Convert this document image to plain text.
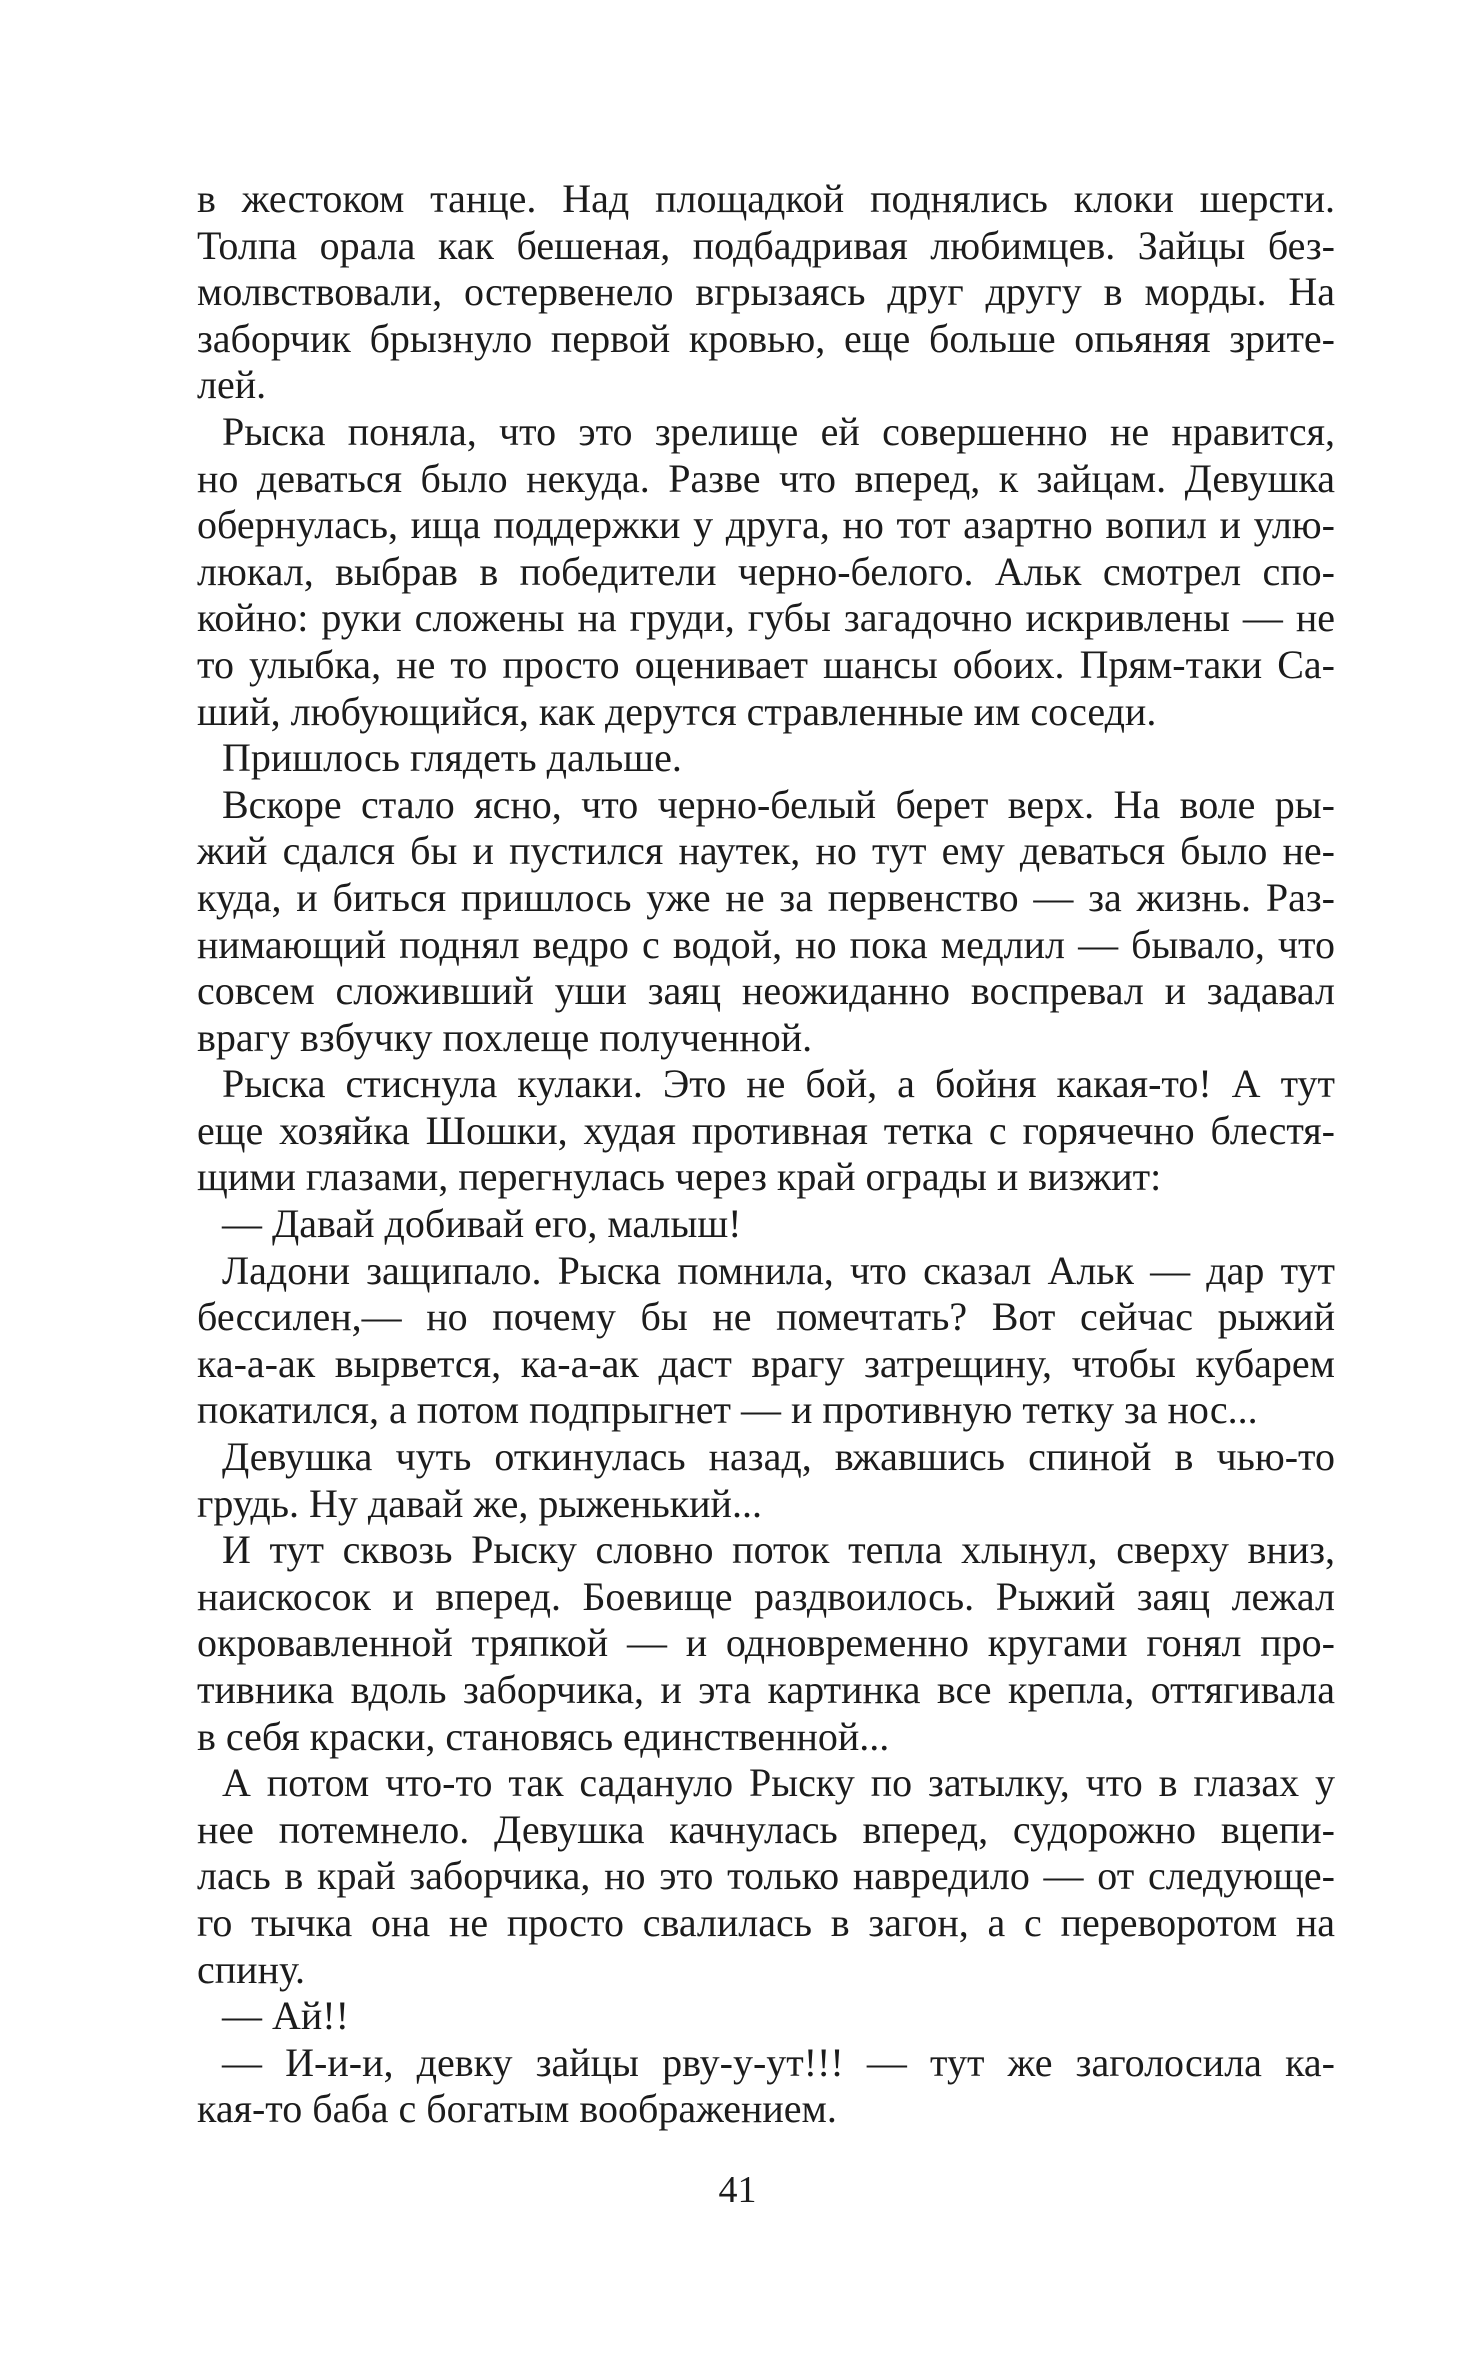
в жестоком танце. Над площадкой поднялись клоки шерсти.
Толпа орала как бешеная, подбадривая любимцев. Зайцы без-
молвствовали, остервенело вгрызаясь друг другу в морды. На
заборчик брызнуло первой кровью, еще больше опьяняя зрите-
лей.
Рыска поняла, что это зрелище ей совершенно не нравится,
но деваться было некуда. Разве что вперед, к зайцам. Девушка
обернулась, ища поддержки у друга, но тот азартно вопил и улю-
люкал, выбрав в победители черно-белого. Альк смотрел спо-
койно: руки сложены на груди, губы загадочно искривлены — не
то улыбка, не то просто оценивает шансы обоих. Прям-таки Са-
ший, любующийся, как дерутся стравленные им соседи.
Пришлось глядеть дальше.
Вскоре стало ясно, что черно-белый берет верх. На воле ры-
жий сдался бы и пустился наутек, но тут ему деваться было не-
куда, и биться пришлось уже не за первенство — за жизнь. Раз-
нимающий поднял ведро с водой, но пока медлил — бывало, что
совсем сложивший уши заяц неожиданно воспревал и задавал
врагу взбучку похлеще полученной.
Рыска стиснула кулаки. Это не бой, а бойня какая-то! А тут
еще хозяйка Шошки, худая противная тетка с горячечно блестя-
щими глазами, перегнулась через край ограды и визжит:
— Давай добивай его, малыш!
Ладони защипало. Рыска помнила, что сказал Альк — дар тут
бессилен,— но почему бы не помечтать? Вот сейчас рыжий
ка-а-ак вырвется, ка-а-ак даст врагу затрещину, чтобы кубарем
покатился, а потом подпрыгнет — и противную тетку за нос...
Девушка чуть откинулась назад, вжавшись спиной в чью-то
грудь. Ну давай же, рыженький...
И тут сквозь Рыску словно поток тепла хлынул, сверху вниз,
наискосок и вперед. Боевище раздвоилось. Рыжий заяц лежал
окровавленной тряпкой — и одновременно кругами гонял про-
тивника вдоль заборчика, и эта картинка все крепла, оттягивала
в себя краски, становясь единственной...
А потом что-то так садануло Рыску по затылку, что в глазах у
нее потемнело. Девушка качнулась вперед, судорожно вцепи-
лась в край заборчика, но это только навредило — от следующе-
го тычка она не просто свалилась в загон, а с переворотом на
спину.
— Ай!!
— И-и-и, девку зайцы рву-у-ут!!! — тут же заголосила ка-
кая-то баба с богатым воображением.
41
